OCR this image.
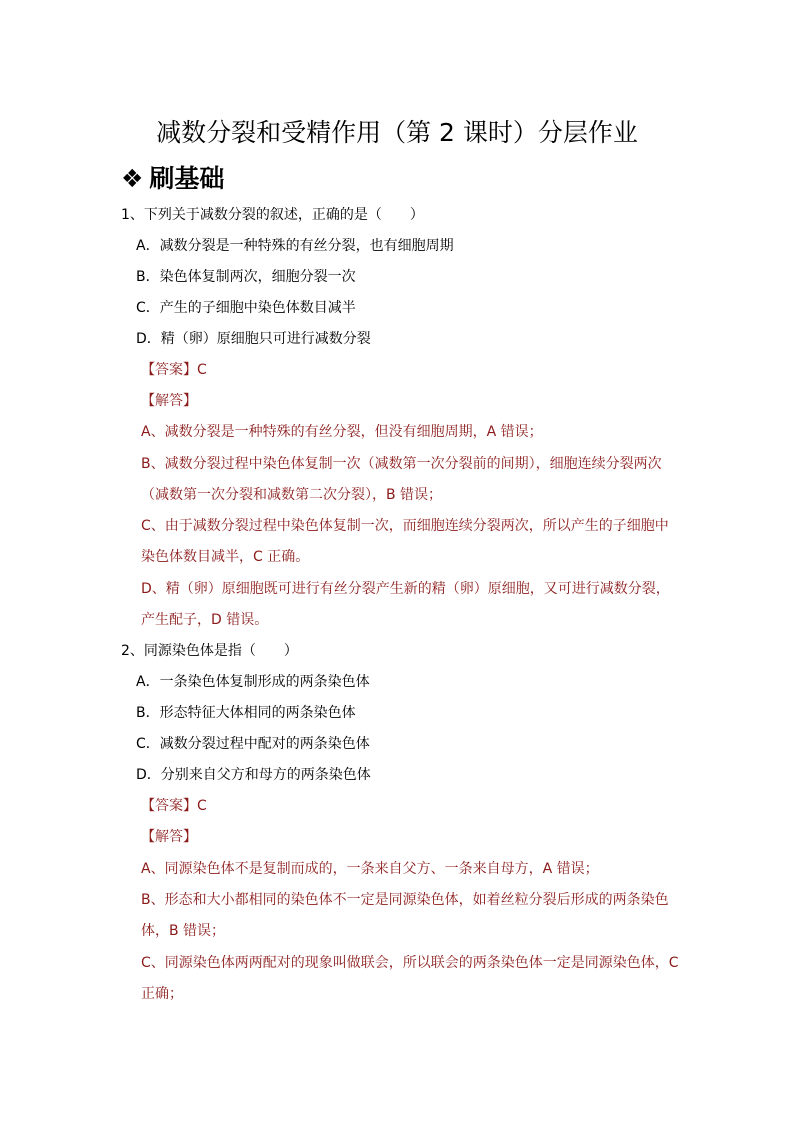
减数分裂和受精作用（第 2 课时）分层作业
❖ 刷基础
1、下列关于减数分裂的叙述，正确的是（　　）
A．减数分裂是一种特殊的有丝分裂，也有细胞周期
B．染色体复制两次，细胞分裂一次
C．产生的子细胞中染色体数目减半
D．精（卵）原细胞只可进行减数分裂
【答案】C
【解答】
A、减数分裂是一种特殊的有丝分裂，但没有细胞周期，A 错误；
B、减数分裂过程中染色体复制一次（减数第一次分裂前的间期），细胞连续分裂两次
（减数第一次分裂和减数第二次分裂），B 错误；
C、由于减数分裂过程中染色体复制一次，而细胞连续分裂两次，所以产生的子细胞中
染色体数目减半，C 正确。
D、精（卵）原细胞既可进行有丝分裂产生新的精（卵）原细胞，又可进行减数分裂，
产生配子，D 错误。
2、同源染色体是指（　　）
A．一条染色体复制形成的两条染色体
B．形态特征大体相同的两条染色体
C．减数分裂过程中配对的两条染色体
D．分别来自父方和母方的两条染色体
【答案】C
【解答】
A、同源染色体不是复制而成的，一条来自父方、一条来自母方，A 错误；
B、形态和大小都相同的染色体不一定是同源染色体，如着丝粒分裂后形成的两条染色
体，B 错误；
C、同源染色体两两配对的现象叫做联会，所以联会的两条染色体一定是同源染色体，C
正确；
